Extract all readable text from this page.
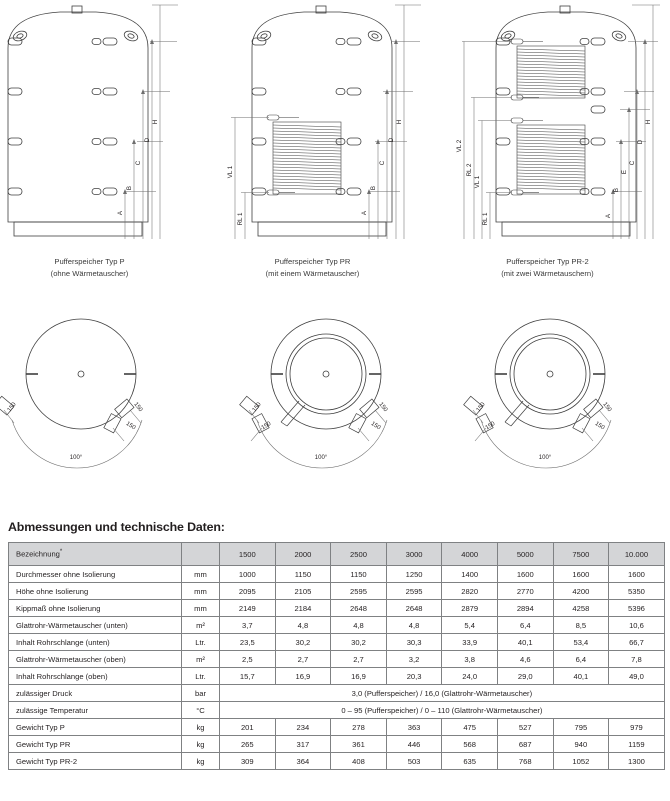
A
B
C
D
H
A
B
C
D
H
VL 1
RL 1	A
B
E
C
D
H
VL 2
RL 2
VL 1
RL 1
Pufferspeicher Typ P
(ohne Wärmetauscher)
Pufferspeicher Typ PR
(mit einem Wärmetauscher)
Pufferspeicher Typ PR-2
(mit zwei Wärmetauschern)
150	150
150
100°
150	150
150
150
100°
150	150
150
150
100°
Abmessungen und technische Daten:
Bezeichnung*		1500	2000	2500	3000	4000	5000	7500	10.000
Durchmesser ohne Isolierung	mm	1000	1150	1150	1250	1400	1600	1600	1600
Höhe ohne Isolierung	mm	2095	2105	2595	2595	2820	2770	4200	5350
Kippmaß ohne Isolierung	mm	2149	2184	2648	2648	2879	2894	4258	5396
Glattrohr-Wärmetauscher (unten)	m²	3,7	4,8	4,8	4,8	5,4	6,4	8,5	10,6
Inhalt Rohrschlange (unten)	Ltr.	23,5	30,2	30,2	30,3	33,9	40,1	53,4	66,7
Glattrohr-Wärmetauscher (oben)	m²	2,5	2,7	2,7	3,2	3,8	4,6	6,4	7,8
Inhalt Rohrschlange (oben)	Ltr.	15,7	16,9	16,9	20,3	24,0	29,0	40,1	49,0
zulässiger Druck	bar	3,0 (Pufferspeicher) / 16,0 (Glattrohr-Wärmetauscher)							
zulässige Temperatur	°C	0 – 95 (Pufferspeicher) / 0 – 110 (Glattrohr-Wärmetauscher)							
Gewicht Typ P	kg	201	234	278	363	475	527	795	979
Gewicht Typ PR	kg	265	317	361	446	568	687	940	1159
Gewicht Typ PR-2	kg	309	364	408	503	635	768	1052	1300
